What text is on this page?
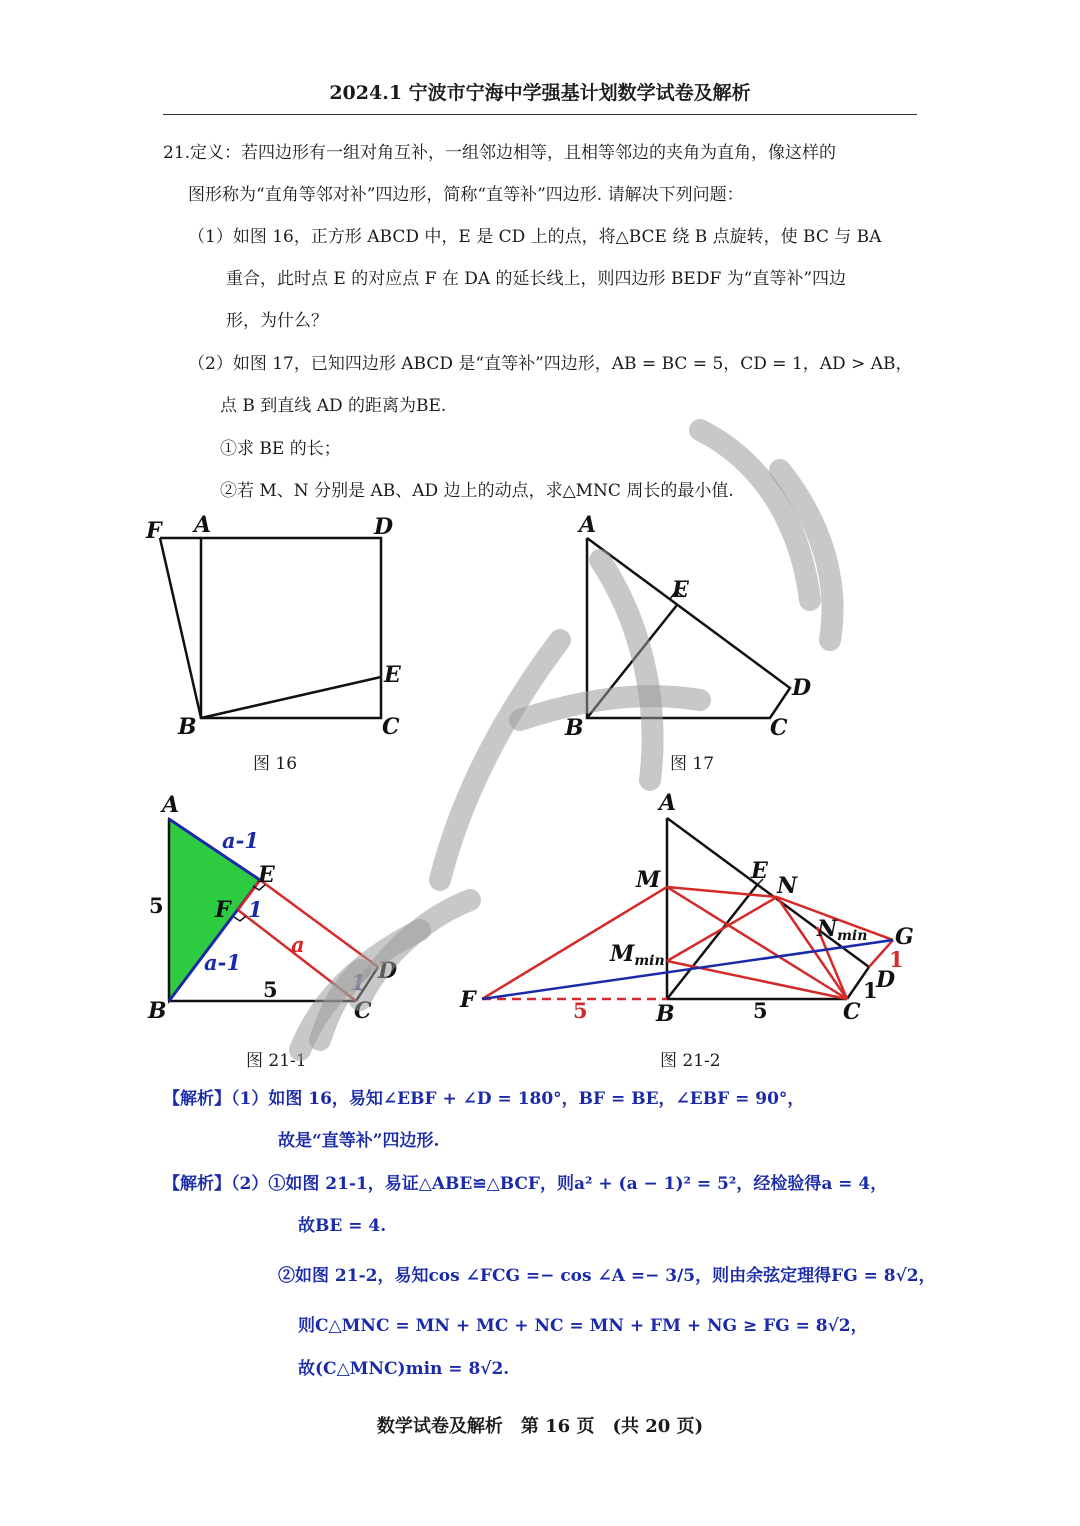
2024.1 宁波市宁海中学强基计划数学试卷及解析
21.定义：若四边形有一组对角互补，一组邻边相等，且相等邻边的夹角为直角，像这样的
图形称为“直角等邻对补”四边形，简称“直等补”四边形. 请解决下列问题：
（1）如图 16，正方形 ABCD 中，E 是 CD 上的点，将△BCE 绕 B 点旋转，使 BC 与 BA
重合，此时点 E 的对应点 F 在 DA 的延长线上，则四边形 BEDF 为“直等补”四边
形，为什么？
（2）如图 17，已知四边形 ABCD 是“直等补”四边形，AB = BC = 5，CD = 1，AD > AB，
点 B 到直线 AD 的距离为BE.
①求 BE 的长；
②若 M、N 分别是 AB、AD 边上的动点，求△MNC 周长的最小值.
F A	D
E
B	C
图 16
A
E
D
B	C
图 17
A
E
F
D
B	C
a-1
1
a-1
1
5
5
a
图 21-1
A
M	E
N
Nmin G
Mmin
D
F
B	C
5	5
1
1
图 21-2
【解析】（1）如图 16，易知∠EBF + ∠D = 180°，BF = BE，∠EBF = 90°，
故是“直等补”四边形.
【解析】（2）①如图 21-1，易证△ABE≌△BCF，则a² + (a − 1)² = 5²，经检验得a = 4，
故BE = 4.
②如图 21-2，易知cos ∠FCG =− cos ∠A =− 3/5，则由余弦定理得FG = 8√2，
则C△MNC = MN + MC + NC = MN + FM + NG ≥ FG = 8√2，
故(C△MNC)min = 8√2.
数学试卷及解析　第 16 页　(共 20 页)
